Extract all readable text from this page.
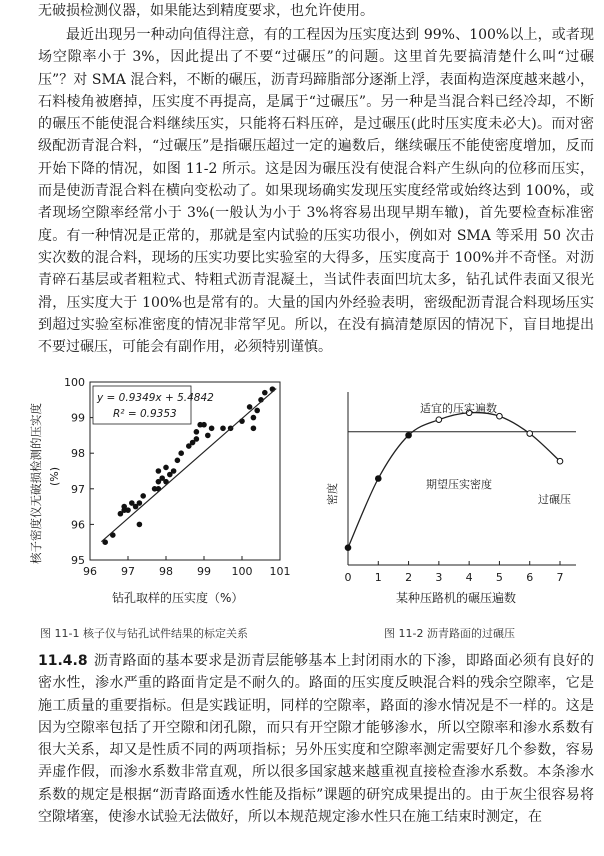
无破损检测仪器，如果能达到精度要求，也允许使用。

最近出现另一种动向值得注意，有的工程因为压实度达到 99%、100%以上，或者现场空隙率小于 3%，因此提出了不要“过碾压”的问题。这里首先要搞清楚什么叫“过碾压”？对 SMA 混合料，不断的碾压，沥青玛蹄脂部分逐渐上浮，表面构造深度越来越小，石料棱角被磨掉，压实度不再提高，是属于“过碾压”。另一种是当混合料已经冷却，不断的碾压不能使混合料继续压实，只能将石料压碎，是过碾压(此时压实度未必大)。而对密级配沥青混合料，“过碾压”是指碾压超过一定的遍数后，继续碾压不能使密度增加，反而开始下降的情况，如图 11-2 所示。这是因为碾压没有使混合料产生纵向的位移而压实，而是使沥青混合料在横向变松动了。如果现场确实发现压实度经常或始终达到 100%，或者现场空隙率经常小于 3%(一般认为小于 3%将容易出现早期车辙)，首先要检查标准密度。有一种情况是正常的，那就是室内试验的压实功很小，例如对 SMA 等采用 50 次击实次数的混合料，现场的压实功要比实验室的大得多，压实度高于 100%并不奇怪。对沥青碎石基层或者粗粒式、特粗式沥青混凝土，当试件表面凹坑太多，钻孔试件表面又很光滑，压实度大于 100%也是常有的。大量的国内外经验表明，密级配沥青混合料现场压实到超过实验室标准密度的情况非常罕见。所以，在没有搞清楚原因的情况下，盲目地提出不要过碾压，可能会有副作用，必须特别谨慎。

96 97 98 99 100 101
95
96
97
98
99
100
y = 0.9349x + 5.4842
R² = 0.9353
核子密度仪无破损检测的压实度 (%)
钻孔取样的压实度（%）
图 11-1 核子仪与钻孔试件结果的标定关系
0 1 2 3 4 5 6 7
密度
适宜的压实遍数
期望压实密度
过碾压
某种压路机的碾压遍数
图 11-2 沥青路面的过碾压

11.4.8 沥青路面的基本要求是沥青层能够基本上封闭雨水的下渗，即路面必须有良好的密水性，渗水严重的路面肯定是不耐久的。路面的压实度反映混合料的残余空隙率，它是施工质量的重要指标。但是实践证明，同样的空隙率，路面的渗水情况是不一样的。这是因为空隙率包括了开空隙和闭孔隙，而只有开空隙才能够渗水，所以空隙率和渗水系数有很大关系，却又是性质不同的两项指标；另外压实度和空隙率测定需要好几个参数，容易弄虚作假，而渗水系数非常直观，所以很多国家越来越重视直接检查渗水系数。本条渗水系数的规定是根据“沥青路面透水性能及指标”课题的研究成果提出的。由于灰尘很容易将空隙堵塞，使渗水试验无法做好，所以本规范规定渗水性只在施工结束时测定，在
